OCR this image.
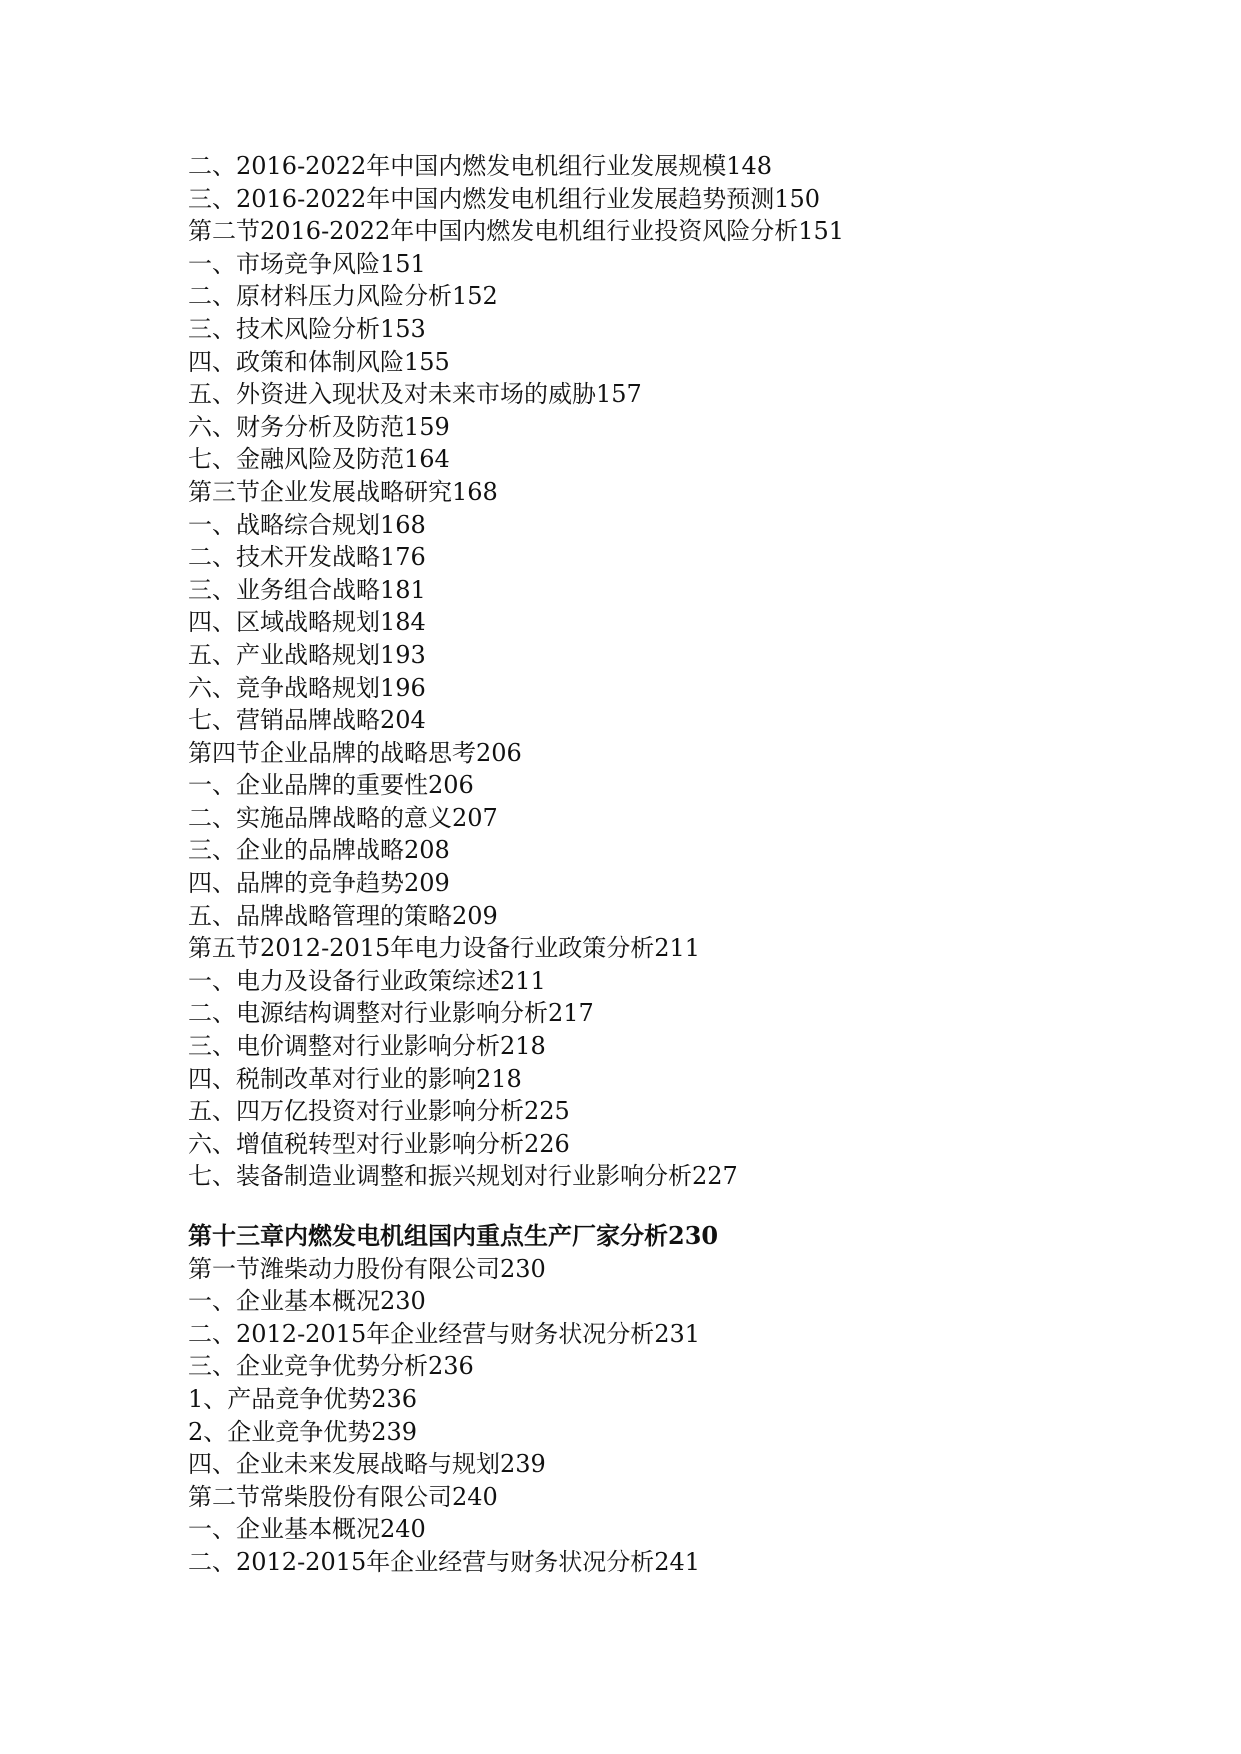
二、2016-2022年中国内燃发电机组行业发展规模148
三、2016-2022年中国内燃发电机组行业发展趋势预测150
第二节2016-2022年中国内燃发电机组行业投资风险分析151
一、市场竞争风险151
二、原材料压力风险分析152
三、技术风险分析153
四、政策和体制风险155
五、外资进入现状及对未来市场的威胁157
六、财务分析及防范159
七、金融风险及防范164
第三节企业发展战略研究168
一、战略综合规划168
二、技术开发战略176
三、业务组合战略181
四、区域战略规划184
五、产业战略规划193
六、竞争战略规划196
七、营销品牌战略204
第四节企业品牌的战略思考206
一、企业品牌的重要性206
二、实施品牌战略的意义207
三、企业的品牌战略208
四、品牌的竞争趋势209
五、品牌战略管理的策略209
第五节2012-2015年电力设备行业政策分析211
一、电力及设备行业政策综述211
二、电源结构调整对行业影响分析217
三、电价调整对行业影响分析218
四、税制改革对行业的影响218
五、四万亿投资对行业影响分析225
六、增值税转型对行业影响分析226
七、装备制造业调整和振兴规划对行业影响分析227
第十三章内燃发电机组国内重点生产厂家分析230
第一节潍柴动力股份有限公司230
一、企业基本概况230
二、2012-2015年企业经营与财务状况分析231
三、企业竞争优势分析236
1、产品竞争优势236
2、企业竞争优势239
四、企业未来发展战略与规划239
第二节常柴股份有限公司240
一、企业基本概况240
二、2012-2015年企业经营与财务状况分析241
